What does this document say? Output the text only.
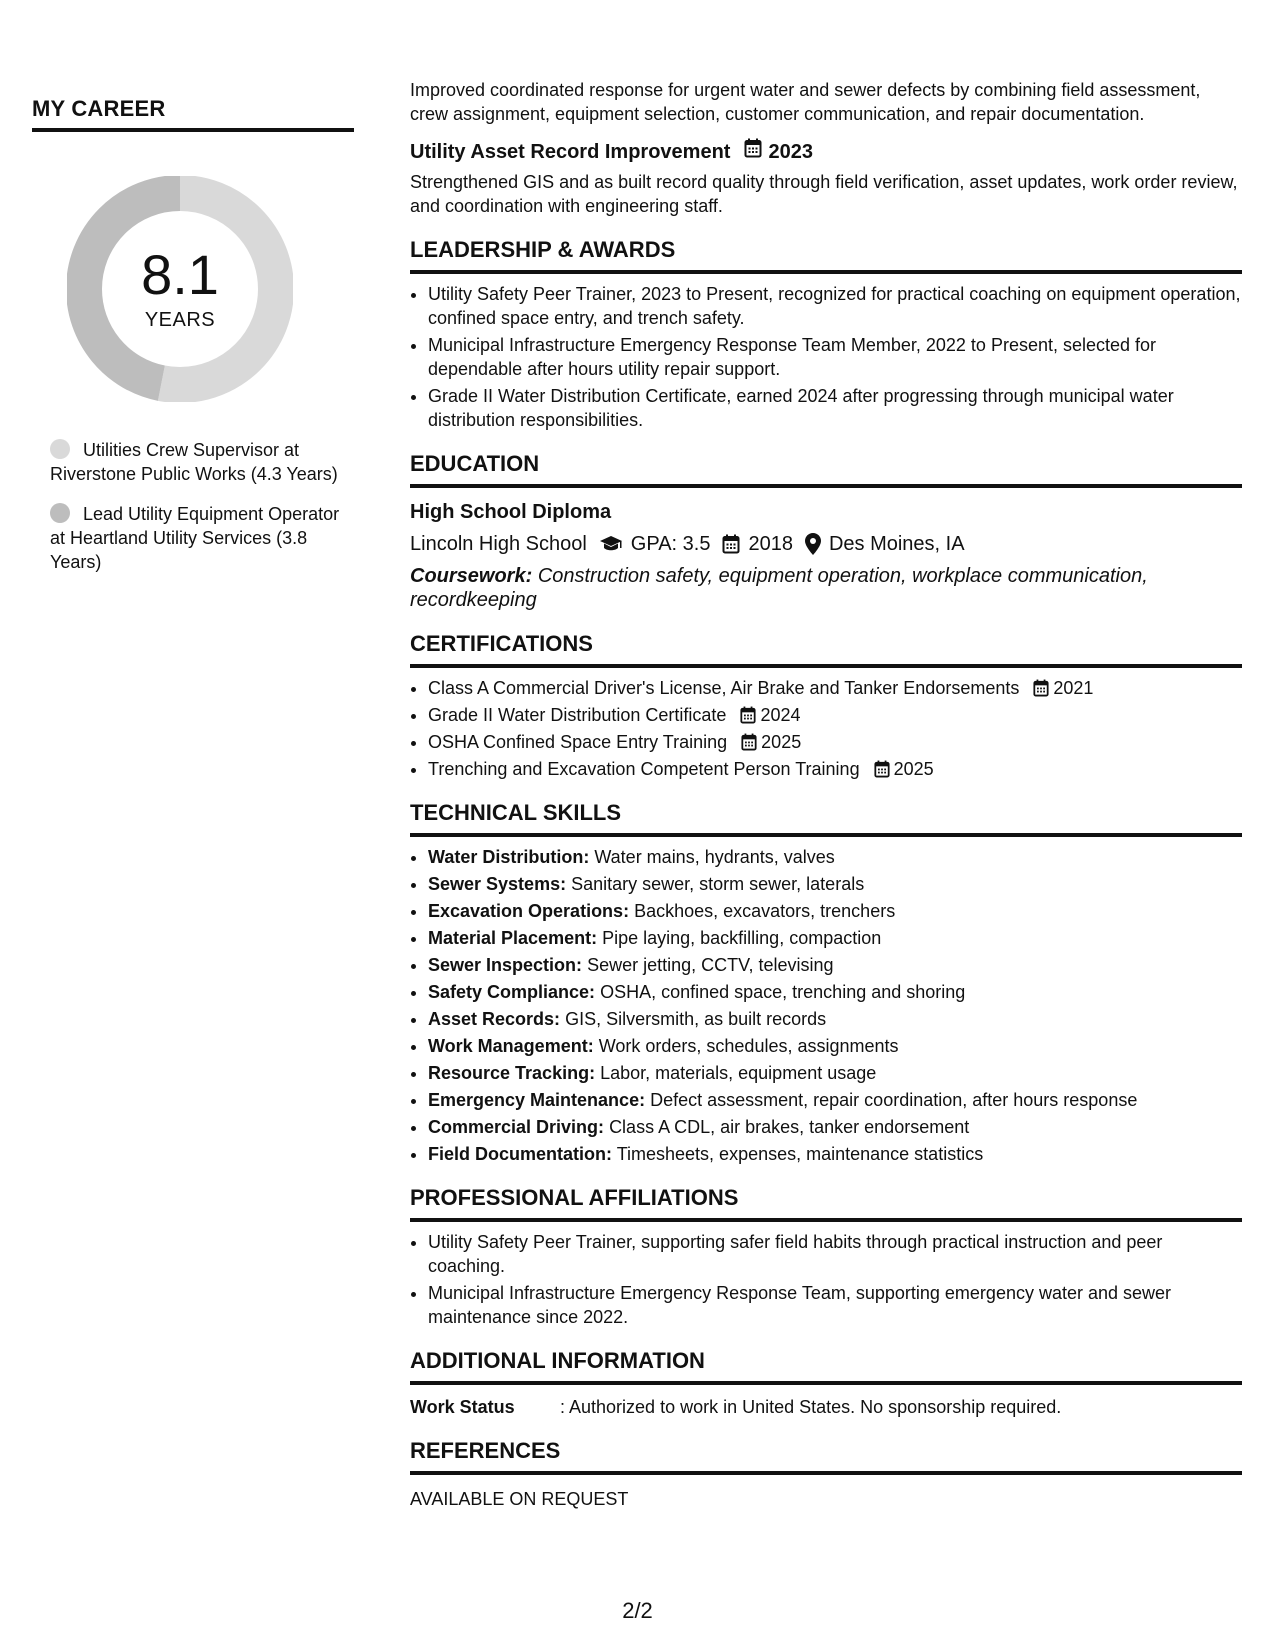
MY CAREER
8.1
YEARS
Utilities Crew Supervisor at Riverstone Public Works (4.3 Years)
Lead Utility Equipment Operator at Heartland Utility Services (3.8 Years)

Improved coordinated response for urgent water and sewer defects by combining field assessment, crew assignment, equipment selection, customer communication, and repair documentation.

Utility Asset Record Improvement 2023

Strengthened GIS and as built record quality through field verification, asset updates, work order review, and coordination with engineering staff.

LEADERSHIP & AWARDS
• Utility Safety Peer Trainer, 2023 to Present, recognized for practical coaching on equipment operation, confined space entry, and trench safety.
• Municipal Infrastructure Emergency Response Team Member, 2022 to Present, selected for dependable after hours utility repair support.
• Grade II Water Distribution Certificate, earned 2024 after progressing through municipal water distribution responsibilities.
EDUCATION
High School Diploma
Lincoln High School GPA: 3.5 2018 Des Moines, IA
Coursework: Construction safety, equipment operation, workplace communication, recordkeeping
CERTIFICATIONS
• Class A Commercial Driver's License, Air Brake and Tanker Endorsements 2021
• Grade II Water Distribution Certificate 2024
• OSHA Confined Space Entry Training 2025
• Trenching and Excavation Competent Person Training 2025
TECHNICAL SKILLS
• Water Distribution: Water mains, hydrants, valves
• Sewer Systems: Sanitary sewer, storm sewer, laterals
• Excavation Operations: Backhoes, excavators, trenchers
• Material Placement: Pipe laying, backfilling, compaction
• Sewer Inspection: Sewer jetting, CCTV, televising
• Safety Compliance: OSHA, confined space, trenching and shoring
• Asset Records: GIS, Silversmith, as built records
• Work Management: Work orders, schedules, assignments
• Resource Tracking: Labor, materials, equipment usage
• Emergency Maintenance: Defect assessment, repair coordination, after hours response
• Commercial Driving: Class A CDL, air brakes, tanker endorsement
• Field Documentation: Timesheets, expenses, maintenance statistics
PROFESSIONAL AFFILIATIONS
• Utility Safety Peer Trainer, supporting safer field habits through practical instruction and peer coaching.
• Municipal Infrastructure Emergency Response Team, supporting emergency water and sewer maintenance since 2022.
ADDITIONAL INFORMATION
Work Status	: Authorized to work in United States. No sponsorship required.
REFERENCES
AVAILABLE ON REQUEST
2/2
